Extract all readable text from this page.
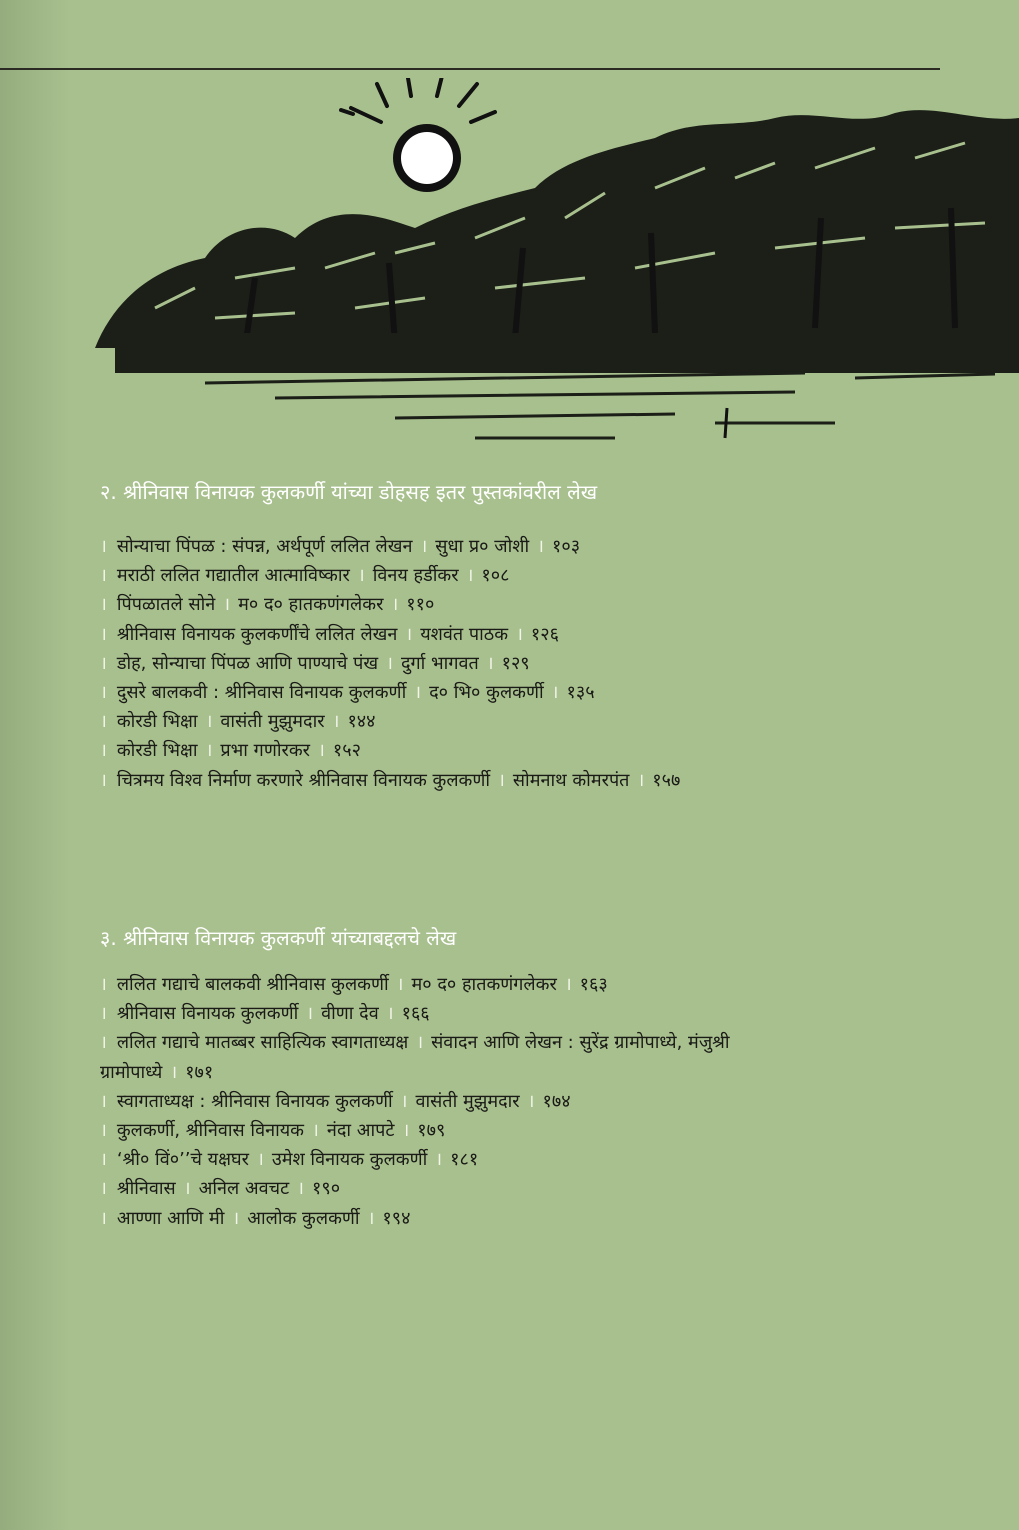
२. श्रीनिवास विनायक कुलकर्णी यांच्या डोहसह इतर पुस्तकांवरील लेख
। सोन्याचा पिंपळ : संपन्न, अर्थपूर्ण ललित लेखन । सुधा प्र० जोशी । १०३
। मराठी ललित गद्यातील आत्माविष्कार । विनय हर्डीकर । १०८
। पिंपळातले सोने । म० द० हातकणंगलेकर । ११०
। श्रीनिवास विनायक कुलकर्णींचे ललित लेखन । यशवंत पाठक । १२६
। डोह, सोन्याचा पिंपळ आणि पाण्याचे पंख । दुर्गा भागवत । १२९
। दुसरे बालकवी : श्रीनिवास विनायक कुलकर्णी । द० भि० कुलकर्णी । १३५
। कोरडी भिक्षा । वासंती मुझुमदार । १४४
। कोरडी भिक्षा । प्रभा गणोरकर । १५२
। चित्रमय विश्व निर्माण करणारे श्रीनिवास विनायक कुलकर्णी । सोमनाथ कोमरपंत । १५७
३. श्रीनिवास विनायक कुलकर्णी यांच्याबद्दलचे लेख
। ललित गद्याचे बालकवी श्रीनिवास कुलकर्णी । म० द० हातकणंगलेकर । १६३
। श्रीनिवास विनायक कुलकर्णी । वीणा देव । १६६
। ललित गद्याचे मातब्बर साहित्यिक स्वागताध्यक्ष । संवादन आणि लेखन : सुरेंद्र ग्रामोपाध्ये, मंजुश्री
ग्रामोपाध्ये । १७१
। स्वागताध्यक्ष : श्रीनिवास विनायक कुलकर्णी । वासंती मुझुमदार । १७४
। कुलकर्णी, श्रीनिवास विनायक । नंदा आपटे । १७९
। ‘श्री० विं०’’चे यक्षघर । उमेश विनायक कुलकर्णी । १८१
। श्रीनिवास । अनिल अवचट । १९०
। आण्णा आणि मी । आलोक कुलकर्णी । १९४
